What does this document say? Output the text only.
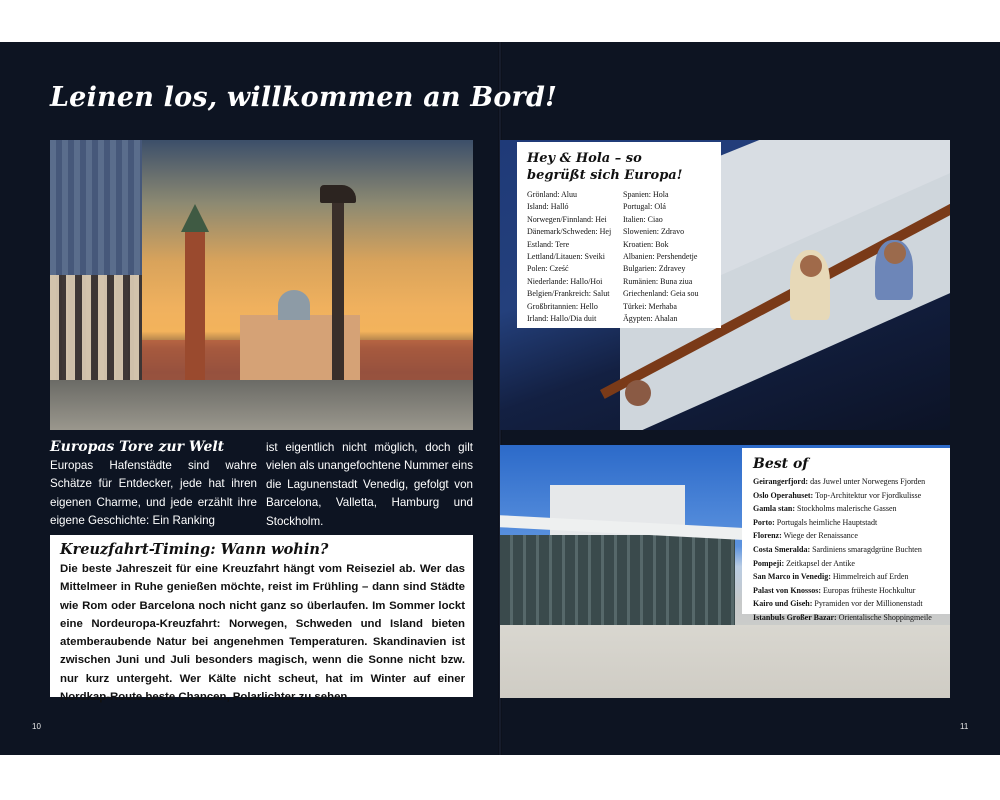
Leinen los, willkommen an Bord!
Hey & Hola – so
begrüßt sich Europa!
Grönland: Aluu
Island: Halló
Norwegen/Finnland: Hei
Dänemark/Schweden: Hej
Estland: Tere
Lettland/Litauen: Sveiki
Polen: Cześć
Niederlande: Hallo/Hoi
Belgien/Frankreich: Salut
Großbritannien: Hello
Irland: Hallo/Dia duit
Spanien: Hola
Portugal: Olá
Italien: Ciao
Slowenien: Zdravo
Kroatien: Bok
Albanien: Pershendetje
Bulgarien: Zdravey
Rumänien: Buna ziua
Griechenland: Geia sou
Türkei: Merhaba
Ägypten: Ahalan
Best of
Geirangerfjord: das Juwel unter Norwegens Fjorden
Oslo Operahuset: Top-Architektur vor Fjordkulisse
Gamla stan: Stockholms malerische Gassen
Porto: Portugals heimliche Hauptstadt
Florenz: Wiege der Renaissance
Costa Smeralda: Sardiniens smaragdgrüne Buchten
Pompeji: Zeitkapsel der Antike
San Marco in Venedig: Himmelreich auf Erden
Palast von Knossos: Europas früheste Hochkultur
Kairo und Giseh: Pyramiden vor der Millionenstadt
Istanbuls Großer Bazar: Orientalische Shoppingmeile
Europas Tore zur Welt
Europas Hafenstädte sind wahre Schätze für Entdecker, jede hat ihren eigenen Charme, und jede erzählt ihre eigene Geschichte: Ein Ranking
ist eigentlich nicht möglich, doch gilt vielen als unangefochtene Nummer eins die Lagunenstadt Venedig, gefolgt von Barcelona, Valletta, Hamburg und Stockholm.
Kreuzfahrt-Timing: Wann wohin?
Die beste Jahreszeit für eine Kreuzfahrt hängt vom Reiseziel ab. Wer das Mittelmeer in Ruhe genießen möchte, reist im Frühling – dann sind Städte wie Rom oder Barcelona noch nicht ganz so überlaufen. Im Sommer lockt eine Nordeuropa-Kreuzfahrt: Norwegen, Schweden und Island bieten atemberaubende Natur bei angenehmen Temperaturen. Skandinavien ist zwischen Juni und Juli besonders magisch, wenn die Sonne nicht bzw. nur kurz untergeht. Wer Kälte nicht scheut, hat im Winter auf einer Nordkap-Route beste Chancen, Polarlichter zu sehen.
10	11
